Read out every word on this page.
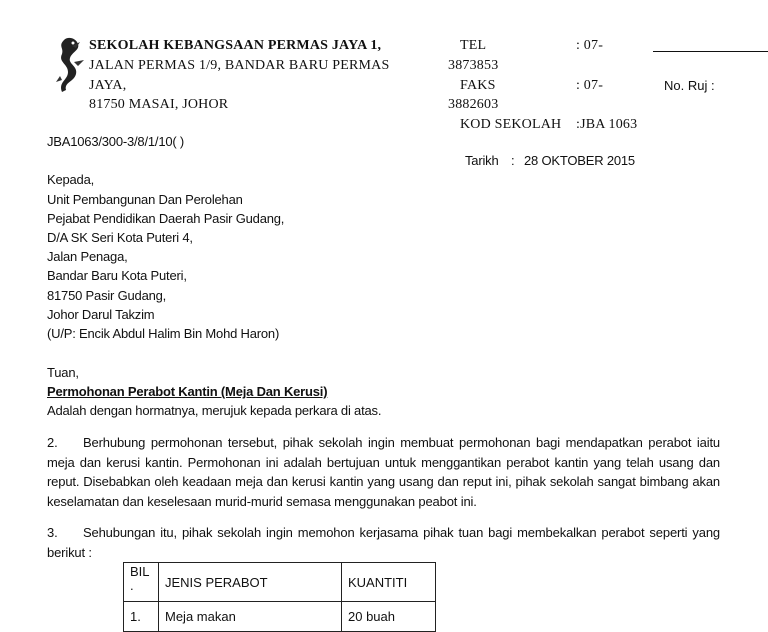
SEKOLAH KEBANGSAAN PERMAS JAYA 1,
JALAN PERMAS 1/9, BANDAR BARU PERMAS
JAYA,
81750 MASAI, JOHOR
TEL	: 07-
3873853
FAKS	: 07-
3882603
KOD SEKOLAH :JBA 1063
No. Ruj :
JBA1063/300-3/8/1/10( )
Tarikh : 28 OKTOBER 2015
Kepada,
Unit Pembangunan Dan Perolehan
Pejabat Pendidikan Daerah Pasir Gudang,
D/A SK Seri Kota Puteri 4,
Jalan Penaga,
Bandar Baru Kota Puteri,
81750 Pasir Gudang,
Johor Darul Takzim
(U/P: Encik Abdul Halim Bin Mohd Haron)
Tuan,
Permohonan Perabot Kantin (Meja Dan Kerusi)
Adalah dengan hormatnya, merujuk kepada perkara di atas.
2. Berhubung permohonan tersebut, pihak sekolah ingin membuat permohonan bagi mendapatkan perabot iaitu meja dan kerusi kantin. Permohonan ini adalah bertujuan untuk menggantikan perabot kantin yang telah usang dan reput. Disebabkan oleh keadaan meja dan kerusi kantin yang usang dan reput ini, pihak sekolah sangat bimbang akan keselamatan dan keselesaan murid-murid semasa menggunakan peabot ini.
3. Sehubungan itu, pihak sekolah ingin memohon kerjasama pihak tuan bagi membekalkan perabot seperti yang berikut :
BIL
.	JENIS PERABOT	KUANTITI
1.	Meja makan	20 buah
